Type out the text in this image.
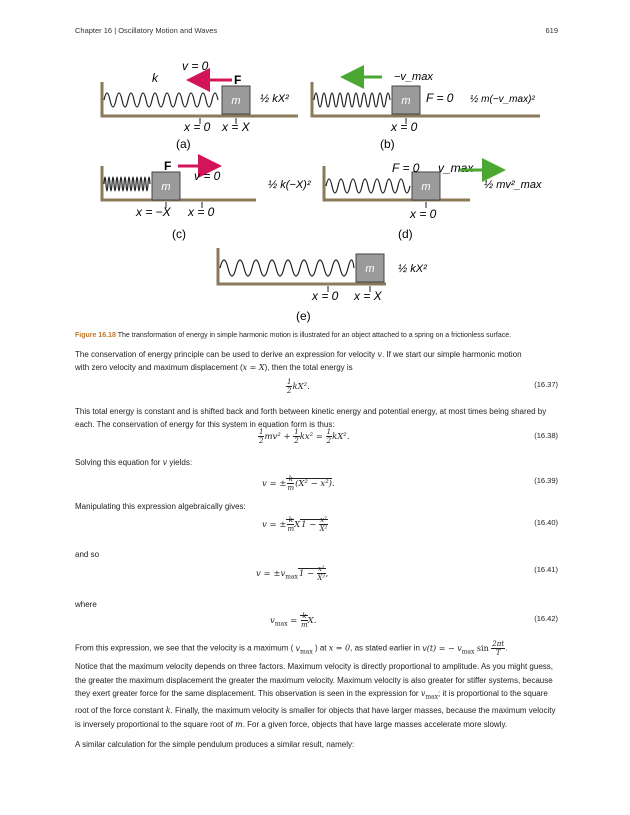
Chapter 16 | Oscillatory Motion and Waves	619
m
F
v = 0
k
x = 0 x = X
(a)
½ kX²	m
−v_max
F = 0
x = 0
(b)
½ m(−v_max)²
m
F
v = 0
x = −X x = 0
(c)
½ k(−X)²	m
F = 0 v_max
x = 0
(d)
½ mv²_max
m
x = 0 x = X
(e)
½ kX²
Figure 16.18 The transformation of energy in simple harmonic motion is illustrated for an object attached to a spring on a frictionless surface.
The conservation of energy principle can be used to derive an expression for velocity v. If we start our simple harmonic motion
with zero velocity and maximum displacement (x = X), then the total energy is
$\frac{1}{2} kX^2$.	(16.37)
This total energy is constant and is shifted back and forth between kinetic energy and potential energy, at most times being shared by each. The conservation of energy for this system in equation form is thus:
$\frac{1}{2} mv^2 + \frac{1}{2} kx^2 = \frac{1}{2} kX^2$.	(16.38)
Solving this equation for v yields:
v = ± $\frac{k}{m} (X^2 - x^2)$.	(16.39)
Manipulating this expression algebraically gives:
v = ± $\frac{k}{m} X1 - \frac{\text{x²}}{\text{X²}}$	(16.40)
and so
$v = \pm v_{max}1 - \frac{\text{x²}}{\text{X²}}$ ,	(16.41)
where
$v_{max} = \frac{k}{m} X$.	(16.42)
From this expression, we see that the velocity is a maximum ( $v_{max}$ ) at x = 0, as stated earlier in v(t) = − $v_{max}$ $\sin \frac{2\pi t}{T}$ .
Notice that the maximum velocity depends on three factors. Maximum velocity is directly proportional to amplitude. As you might guess, the greater the maximum displacement the greater the maximum velocity. Maximum velocity is also greater for stiffer systems, because they exert greater force for the same displacement. This observation is seen in the expression for $v_{max}$; it is proportional to the square root of the force constant k. Finally, the maximum velocity is smaller for objects that have larger masses, because the maximum velocity is inversely proportional to the square root of m. For a given force, objects that have large masses accelerate more slowly.
A similar calculation for the simple pendulum produces a similar result, namely:
